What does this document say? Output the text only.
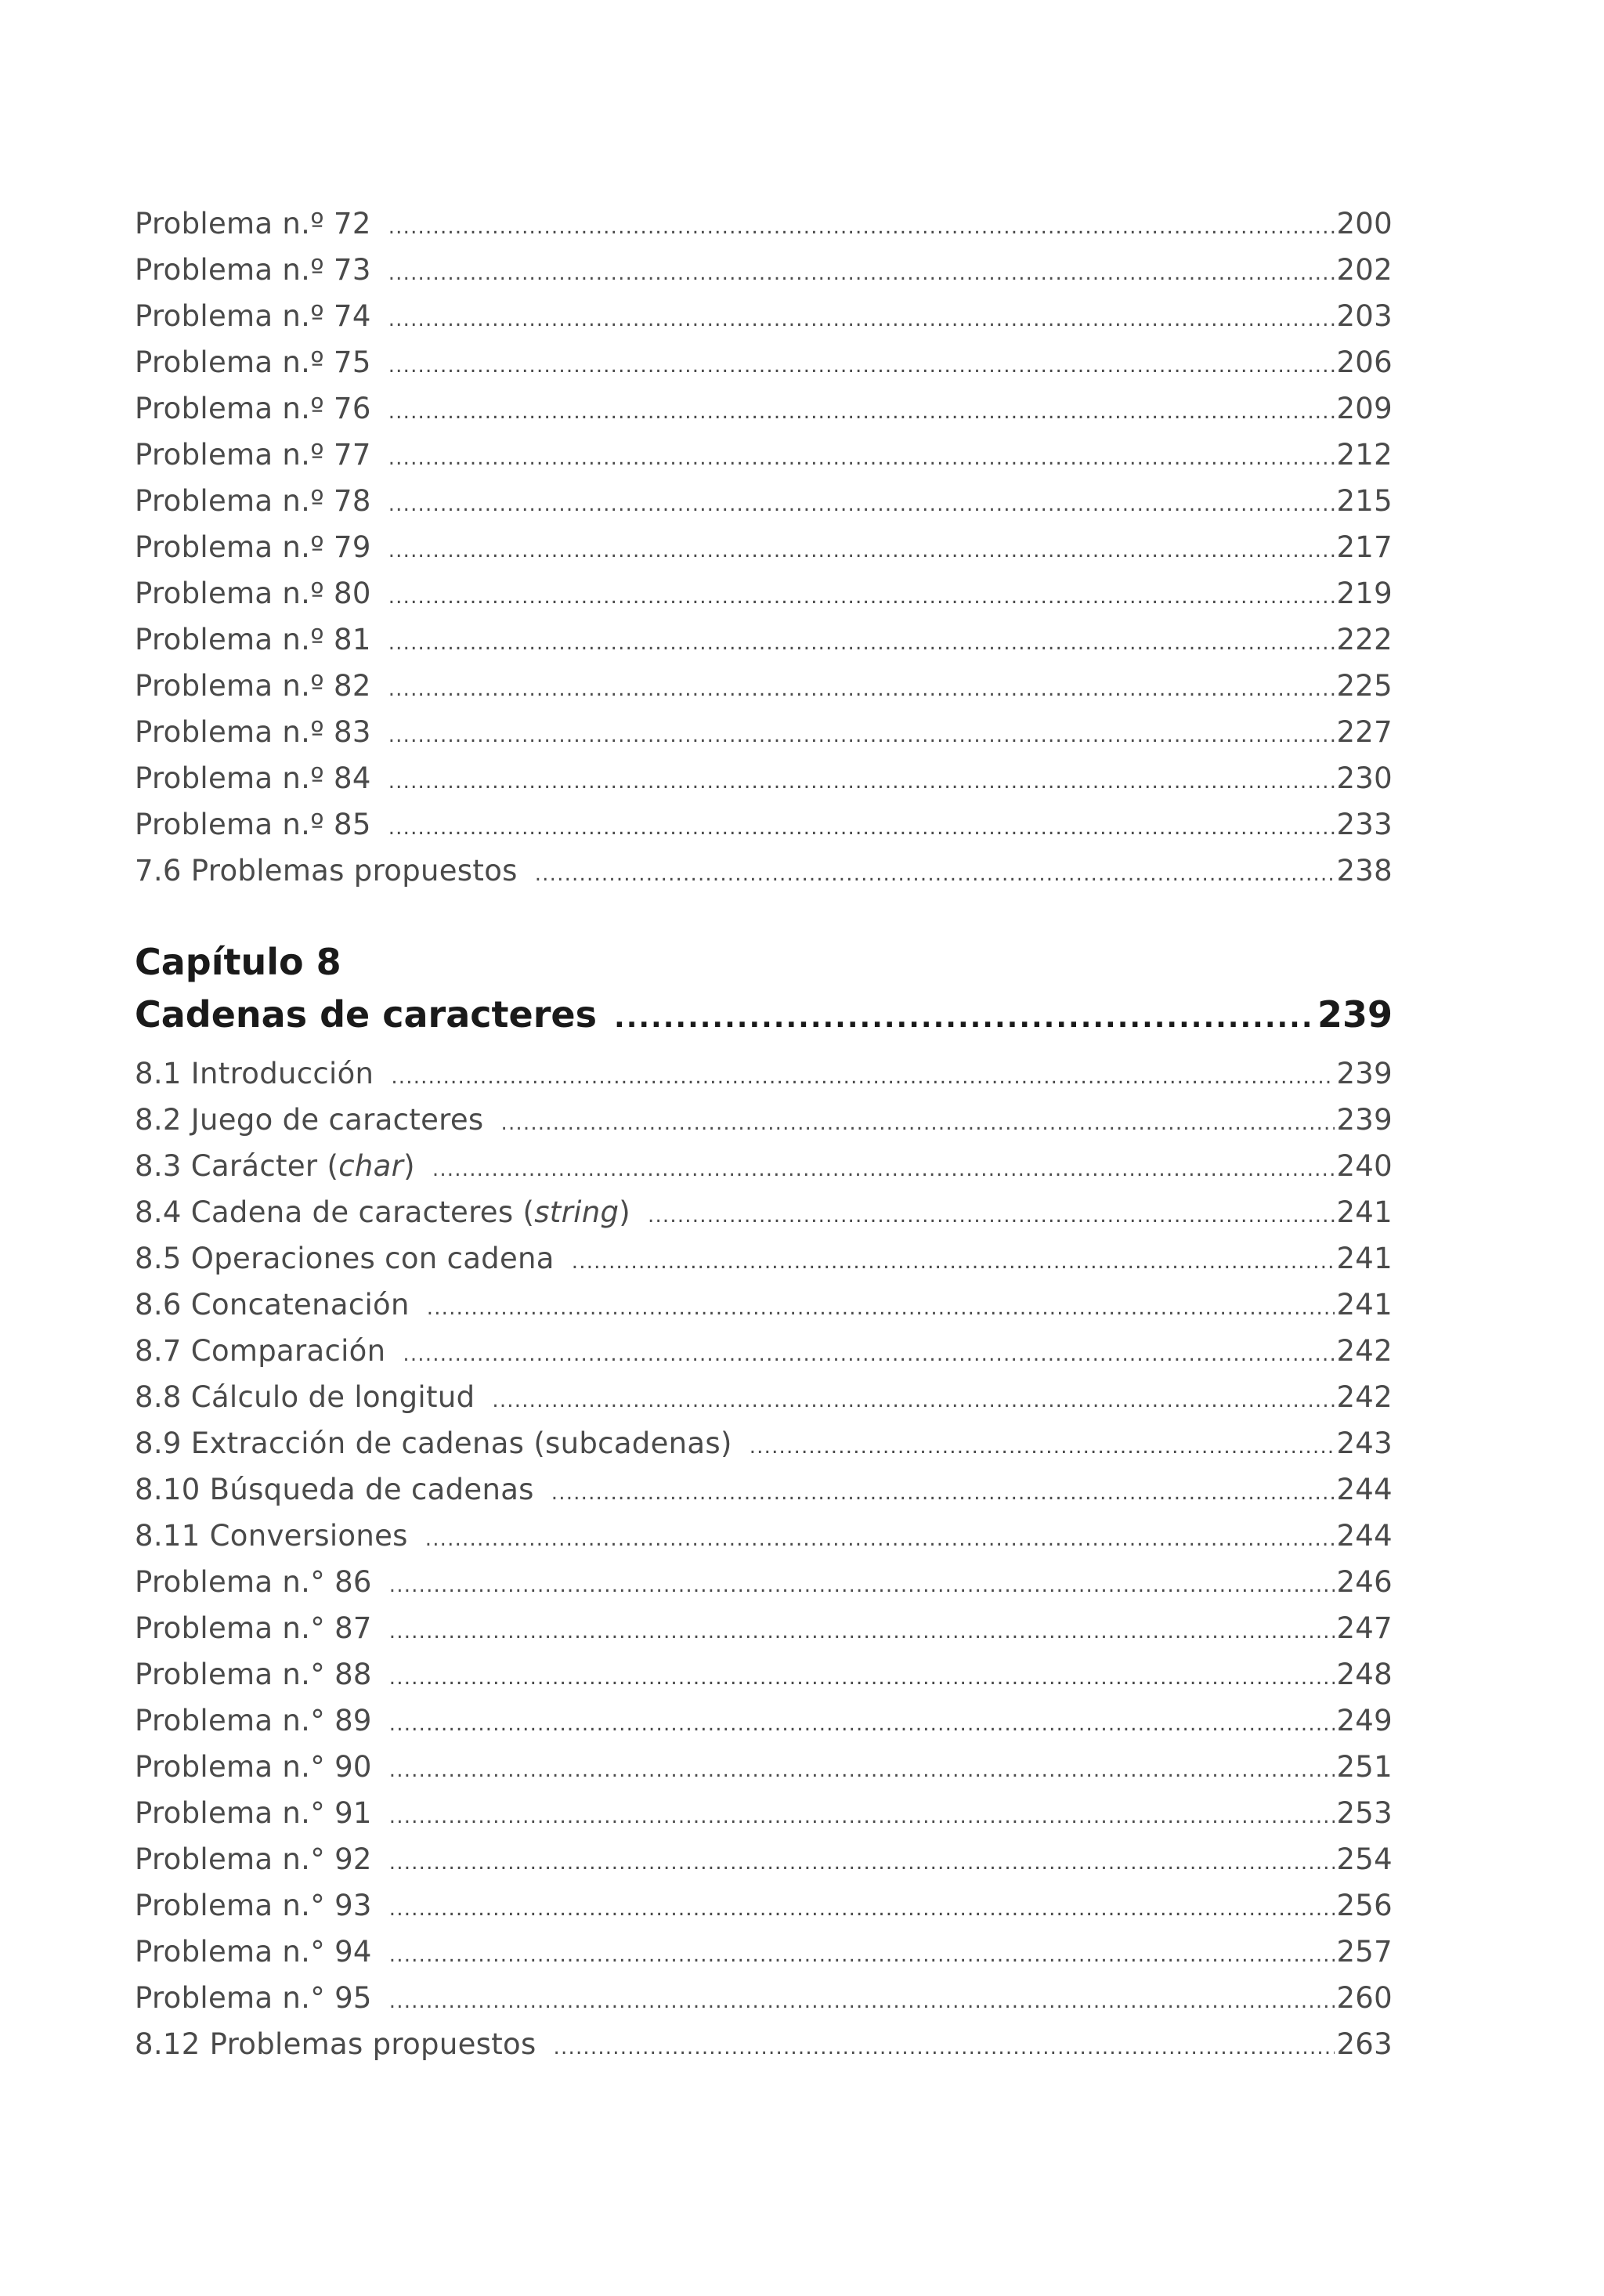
Problema n.º 72 .....	200
Problema n.º 73 .....	202
Problema n.º 74 .....	203
Problema n.º 75 .....	206
Problema n.º 76 .....	209
Problema n.º 77 .....	212
Problema n.º 78 .....	215
Problema n.º 79 .....	217
Problema n.º 80 .....	219
Problema n.º 81 .....	222
Problema n.º 82 .....	225
Problema n.º 83 .....	227
Problema n.º 84 .....	230
Problema n.º 85 .....	233
7.6 Problemas propuestos .....	238
Capítulo 8
Cadenas de caracteres .....	239
8.1 Introducción .....	239
8.2 Juego de caracteres .....	239
8.3 Carácter (char) .....	240
8.4 Cadena de caracteres (string) .....	241
8.5 Operaciones con cadena .....	241
8.6 Concatenación .....	241
8.7 Comparación .....	242
8.8 Cálculo de longitud .....	242
8.9 Extracción de cadenas (subcadenas) .....	243
8.10 Búsqueda de cadenas .....	244
8.11 Conversiones .....	244
Problema n.° 86 .....	246
Problema n.° 87 .....	247
Problema n.° 88 .....	248
Problema n.° 89 .....	249
Problema n.° 90 .....	251
Problema n.° 91 .....	253
Problema n.° 92 .....	254
Problema n.° 93 .....	256
Problema n.° 94 .....	257
Problema n.° 95 .....	260
8.12 Problemas propuestos .....	263
